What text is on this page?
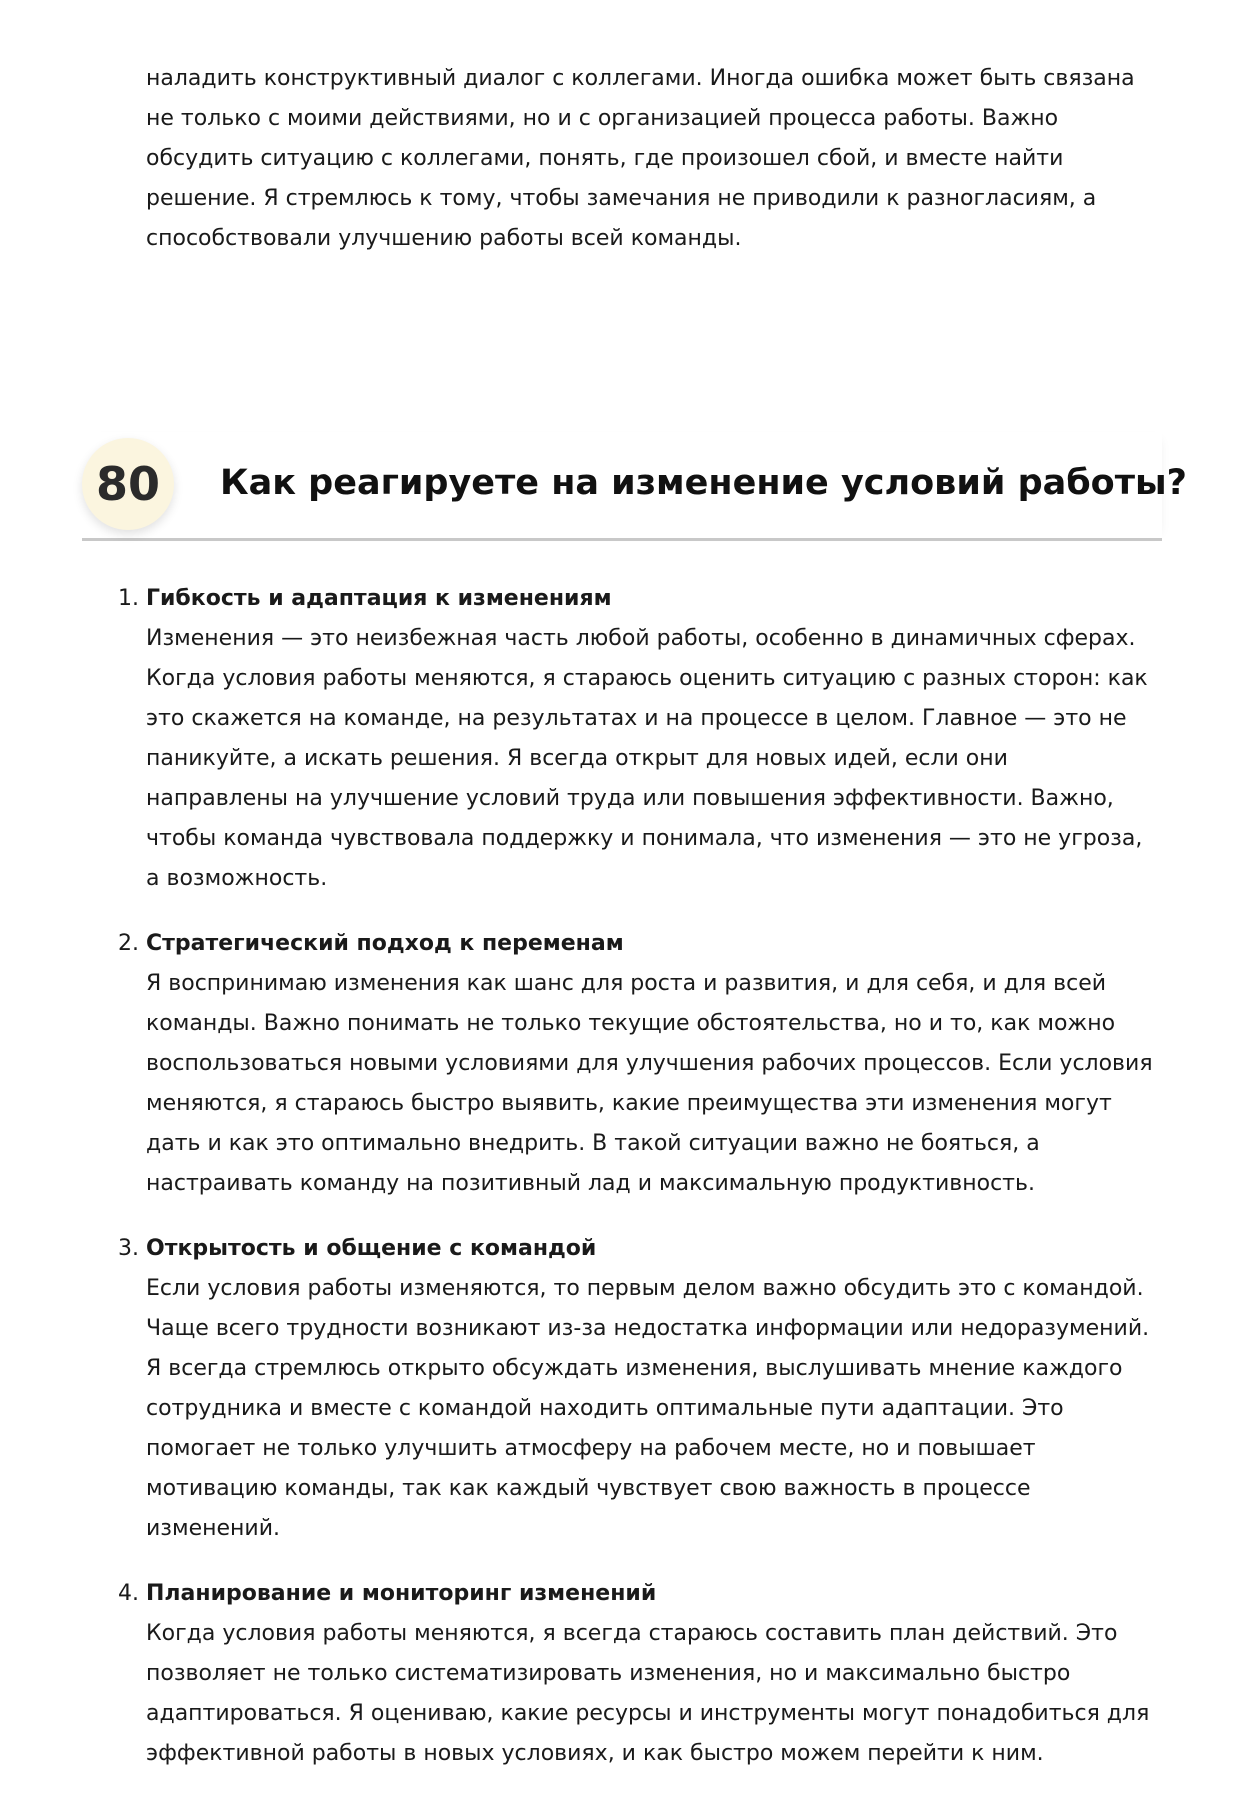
наладить конструктивный диалог с коллегами. Иногда ошибка может быть связана не только с моими действиями, но и с организацией процесса работы. Важно обсудить ситуацию с коллегами, понять, где произошел сбой, и вместе найти решение. Я стремлюсь к тому, чтобы замечания не приводили к разногласиям, а способствовали улучшению работы всей команды.

80	Как реагируете на изменение условий работы?
1. Гибкость и адаптация к изменениям
Изменения — это неизбежная часть любой работы, особенно в динамичных сферах. Когда условия работы меняются, я стараюсь оценить ситуацию с разных сторон: как это скажется на команде, на результатах и на процессе в целом. Главное — это не паникуйте, а искать решения. Я всегда открыт для новых идей, если они направлены на улучшение условий труда или повышения эффективности. Важно, чтобы команда чувствовала поддержку и понимала, что изменения — это не угроза, а возможность.
2. Стратегический подход к переменам
Я воспринимаю изменения как шанс для роста и развития, и для себя, и для всей команды. Важно понимать не только текущие обстоятельства, но и то, как можно воспользоваться новыми условиями для улучшения рабочих процессов. Если условия меняются, я стараюсь быстро выявить, какие преимущества эти изменения могут дать и как это оптимально внедрить. В такой ситуации важно не бояться, а настраивать команду на позитивный лад и максимальную продуктивность.
3. Открытость и общение с командой
Если условия работы изменяются, то первым делом важно обсудить это с командой. Чаще всего трудности возникают из-за недостатка информации или недоразумений. Я всегда стремлюсь открыто обсуждать изменения, выслушивать мнение каждого сотрудника и вместе с командой находить оптимальные пути адаптации. Это помогает не только улучшить атмосферу на рабочем месте, но и повышает мотивацию команды, так как каждый чувствует свою важность в процессе изменений.
4. Планирование и мониторинг изменений
Когда условия работы меняются, я всегда стараюсь составить план действий. Это позволяет не только систематизировать изменения, но и максимально быстро адаптироваться. Я оцениваю, какие ресурсы и инструменты могут понадобиться для эффективной работы в новых условиях, и как быстро можем перейти к ним.
